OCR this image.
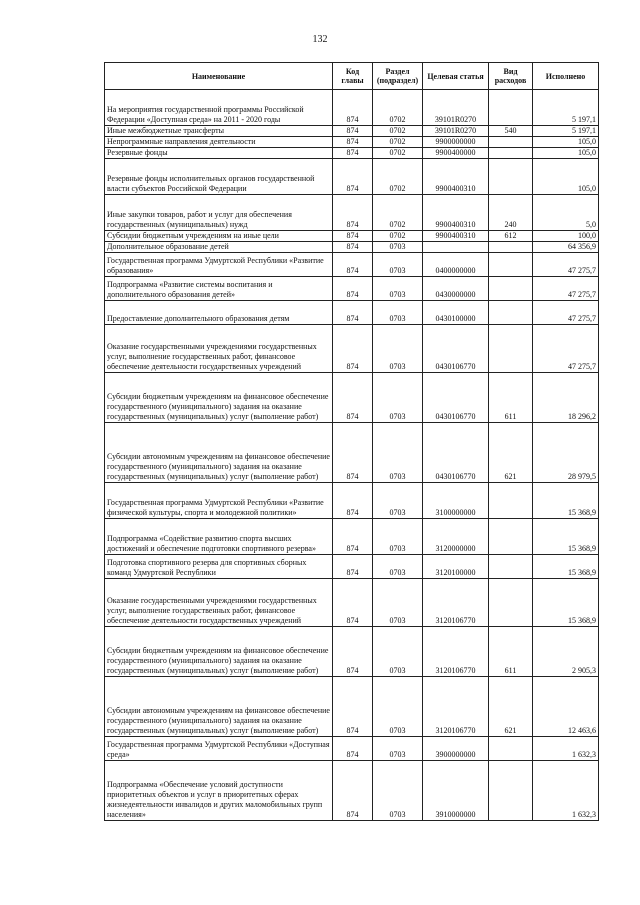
132
Наименование	Код главы	Раздел (подраздел)	Целевая статья	Вид расходов	Исполнено
На мероприятия государственной программы Российской Федерации «Доступная среда» на 2011 - 2020 годы	874	0702	39101R0270		5 197,1
Иные межбюджетные трансферты	874	0702	39101R0270	540	5 197,1
Непрограммные направления деятельности	874	0702	9900000000		105,0
Резервные фонды	874	0702	9900400000		105,0
Резервные фонды исполнительных органов государственной власти субъектов Российской Федерации	874	0702	9900400310		105,0
Иные закупки товаров, работ и услуг для обеспечения государственных (муниципальных) нужд	874	0702	9900400310	240	5,0
Субсидии бюджетным учреждениям на иные цели	874	0702	9900400310	612	100,0
Дополнительное образование детей	874	0703			64 356,9
Государственная программа Удмуртской Республики «Развитие образования»	874	0703	0400000000		47 275,7
Подпрограмма «Развитие системы воспитания и дополнительного образования детей»	874	0703	0430000000		47 275,7
Предоставление дополнительного образования детям	874	0703	0430100000		47 275,7
Оказание государственными учреждениями государственных услуг, выполнение государственных работ, финансовое обеспечение деятельности государственных учреждений	874	0703	0430106770		47 275,7
Субсидии бюджетным учреждениям на финансовое обеспечение государственного (муниципального) задания на оказание государственных (муниципальных) услуг (выполнение работ)	874	0703	0430106770	611	18 296,2
Субсидии автономным учреждениям на финансовое обеспечение государственного (муниципального) задания на оказание государственных (муниципальных) услуг (выполнение работ)	874	0703	0430106770	621	28 979,5
Государственная программа Удмуртской Республики «Развитие физической культуры, спорта и молодежной политики»	874	0703	3100000000		15 368,9
Подпрограмма «Содействие развитию спорта высших достижений и обеспечение подготовки спортивного резерва»	874	0703	3120000000		15 368,9
Подготовка спортивного резерва для спортивных сборных команд Удмуртской Республики	874	0703	3120100000		15 368,9
Оказание государственными учреждениями государственных услуг, выполнение государственных работ, финансовое обеспечение деятельности государственных учреждений	874	0703	3120106770		15 368,9
Субсидии бюджетным учреждениям на финансовое обеспечение государственного (муниципального) задания на оказание государственных (муниципальных) услуг (выполнение работ)	874	0703	3120106770	611	2 905,3
Субсидии автономным учреждениям на финансовое обеспечение государственного (муниципального) задания на оказание государственных (муниципальных) услуг (выполнение работ)	874	0703	3120106770	621	12 463,6
Государственная программа Удмуртской Республики «Доступная среда»	874	0703	3900000000		1 632,3
Подпрограмма «Обеспечение условий доступности приоритетных объектов и услуг в приоритетных сферах жизнедеятельности инвалидов и других маломобильных групп населения»	874	0703	3910000000		1 632,3
